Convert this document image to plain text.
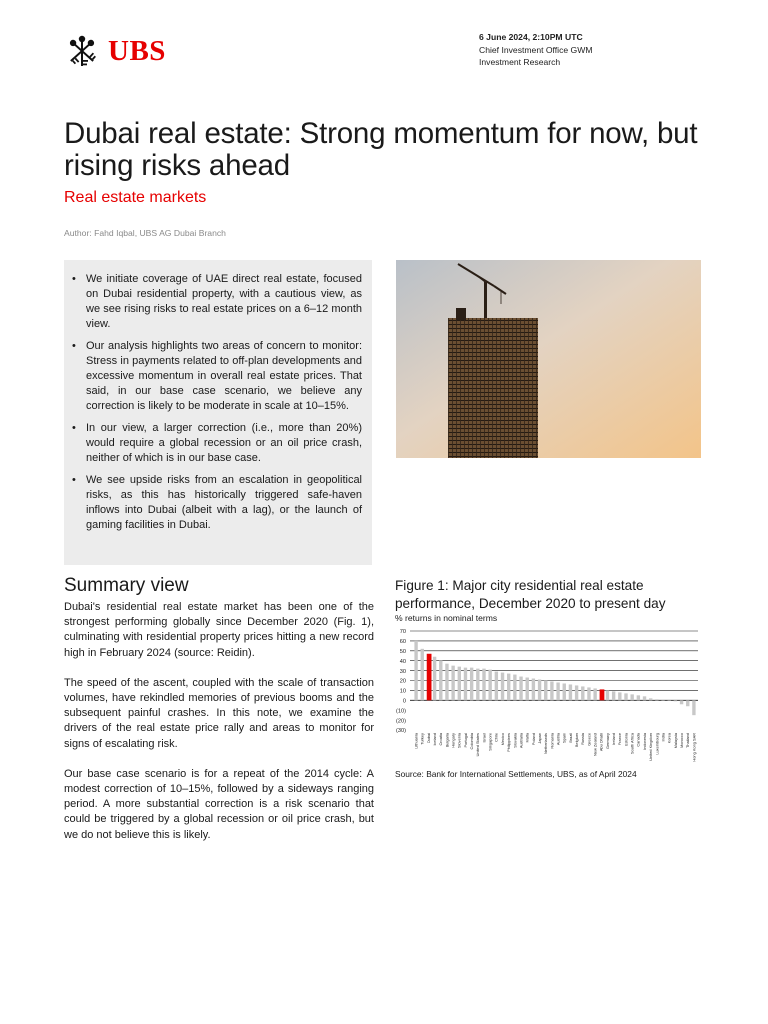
UBS	6 June 2024, 2:10PM UTC
Chief Investment Office GWM
Investment Research
Dubai real estate: Strong momentum for now, but rising risks ahead
Real estate markets
Author: Fahd Iqbal, UBS AG Dubai Branch
• We initiate coverage of UAE direct real estate, focused on Dubai residential property, with a cautious view, as we see rising risks to real estate prices on a 6–12 month view.
• Our analysis highlights two areas of concern to monitor: Stress in payments related to off-plan developments and excessive momentum in overall real estate prices. That said, in our base case scenario, we believe any correction is likely to be moderate in scale at 10–15%.
• In our view, a larger correction (i.e., more than 20%) would require a global recession or an oil price crash, neither of which is in our base case.
• We see upside risks from an escalation in geopolitical risks, as this has historically triggered safe-haven inflows into Dubai (albeit with a lag), or the launch of gaming facilities in Dubai.
Summary view

Dubai's residential real estate market has been one of the strongest performing globally since December 2020 (Fig. 1), culminating with residential property prices hitting a new record high in February 2024 (source: Reidin).

The speed of the ascent, coupled with the scale of transaction volumes, have rekindled memories of previous booms and the subsequent painful crashes. In this note, we examine the drivers of the real estate price rally and areas to monitor for signs of escalating risk.

Our base case scenario is for a repeat of the 2014 cycle: A modest correction of 10–15%, followed by a sideways ranging period. A more substantial correction is a risk scenario that could be triggered by a global recession or oil price crash, but we do not believe this is likely.

Figure 1: Major city residential real estate performance, December 2020 to present day
% returns in nominal terms
70
60
50
40
30
20
10
0
(10)
(20)
(30)
Lithuania Turkey Dubai Iceland Croatia Bulgaria Hungary Slovenia Portugal Colombia United States Israel Singapore Chile Mexico Philippines Slovakia Australia Malta Poland Japan Netherlands Romania Austria Spain Brazil Belgium Russia Greece New Zealand Abu Dhabi Germany Ireland France Estonia South Africa Canada Indonesia United Kingdom Luxembourg India Korea Malaysia Morocco Thailand Hong Kong SAR
Source: Bank for International Settlements, UBS, as of April 2024
